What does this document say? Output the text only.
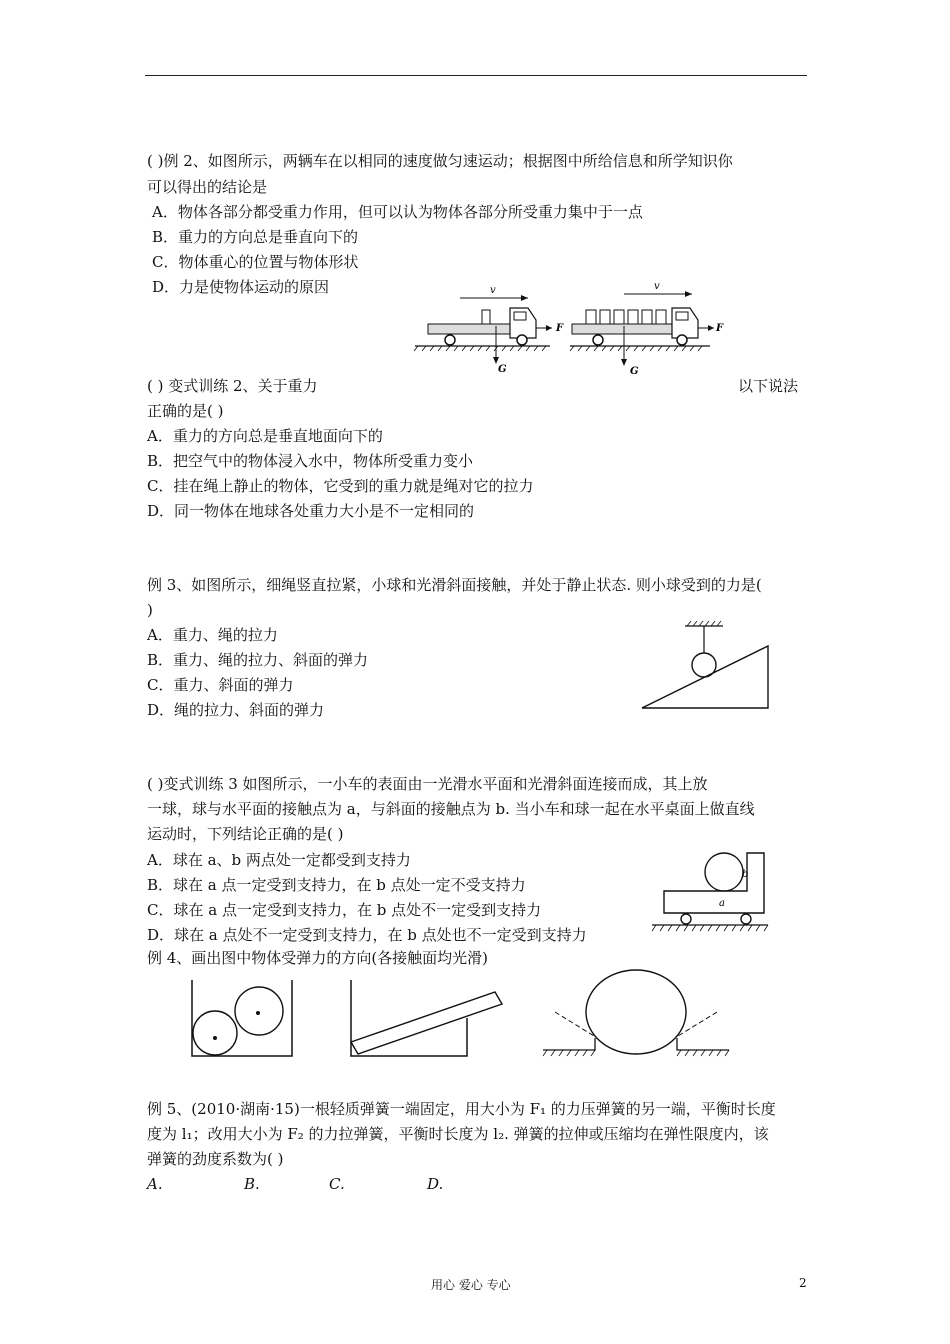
( )例 2、如图所示，两辆车在以相同的速度做匀速运动；根据图中所给信息和所学知识你
可以得出的结论是
A．物体各部分都受重力作用，但可以认为物体各部分所受重力集中于一点
B．重力的方向总是垂直向下的
C．物体重心的位置与物体形状
D．力是使物体运动的原因	v
F
G
v
F
G
( ) 变式训练 2、关于重力	以下说法
正确的是( )
A．重力的方向总是垂直地面向下的
B．把空气中的物体浸入水中，物体所受重力变小
C．挂在绳上静止的物体，它受到的重力就是绳对它的拉力
D．同一物体在地球各处重力大小是不一定相同的
例 3、如图所示，细绳竖直拉紧，小球和光滑斜面接触，并处于静止状态. 则小球受到的力是(
)
A．重力、绳的拉力
B．重力、绳的拉力、斜面的弹力
C．重力、斜面的弹力
D．绳的拉力、斜面的弹力
( )变式训练 3 如图所示，一小车的表面由一光滑水平面和光滑斜面连接而成，其上放
一球，球与水平面的接触点为 a，与斜面的接触点为 b. 当小车和球一起在水平桌面上做直线
运动时，下列结论正确的是( )
A．球在 a、b 两点处一定都受到支持力
B．球在 a 点一定受到支持力，在 b 点处一定不受支持力
C．球在 a 点一定受到支持力，在 b 点处不一定受到支持力
D．球在 a 点处不一定受到支持力，在 b 点处也不一定受到支持力
b
a
例 4、画出图中物体受弹力的方向(各接触面均光滑)
例 5、(2010·湖南·15)一根轻质弹簧一端固定，用大小为 F₁ 的力压弹簧的另一端，平衡时长度
度为 l₁；改用大小为 F₂ 的力拉弹簧，平衡时长度为 l₂. 弹簧的拉伸或压缩均在弹性限度内，该
弹簧的劲度系数为( )
A.	B.	C.	D.
用心 爱心 专心	2
